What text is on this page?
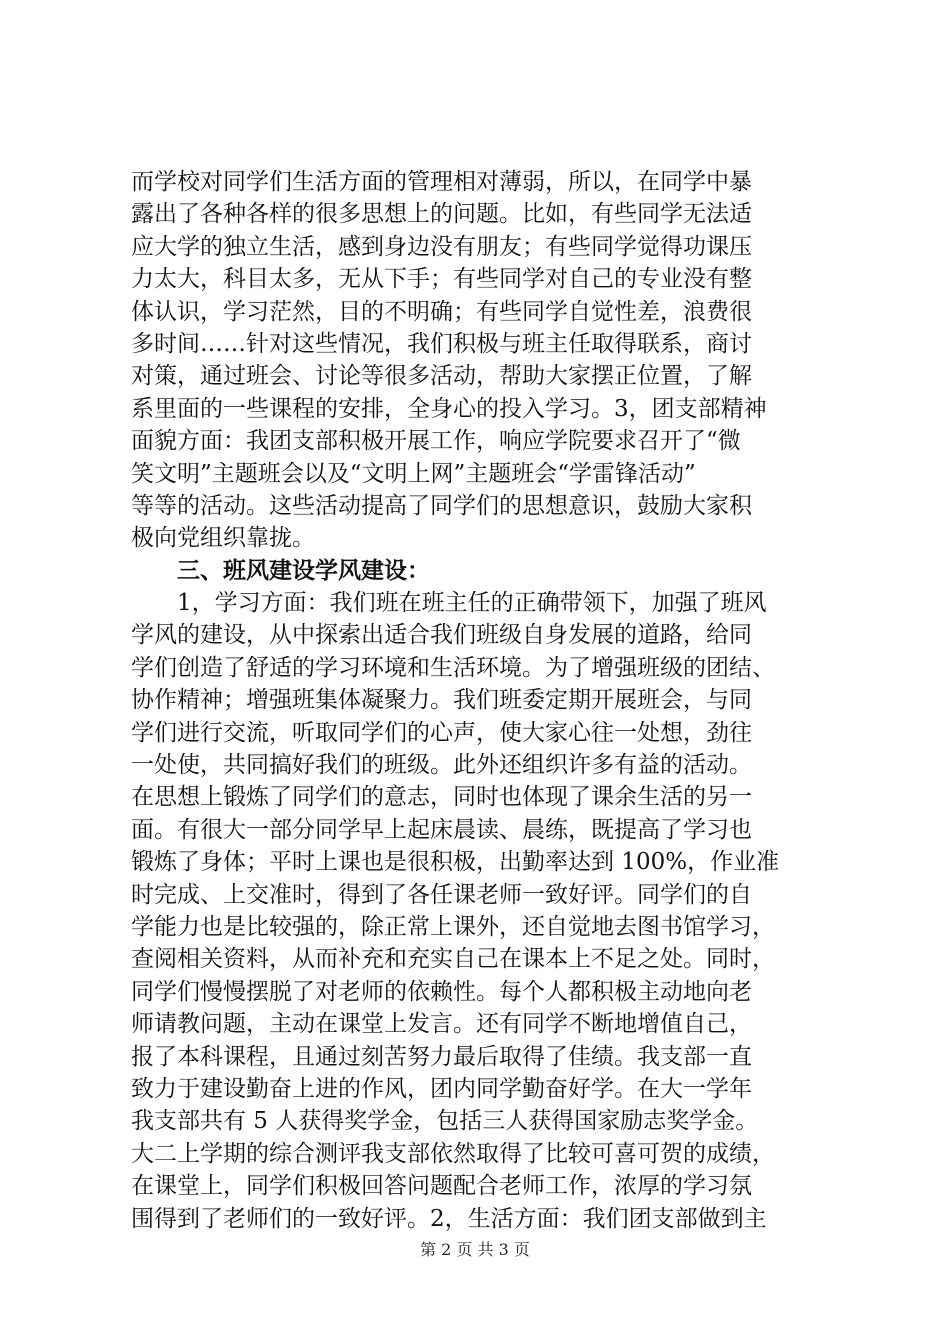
而学校对同学们生活方面的管理相对薄弱，所以，在同学中暴
露出了各种各样的很多思想上的问题。比如，有些同学无法适
应大学的独立生活，感到身边没有朋友；有些同学觉得功课压
力太大，科目太多，无从下手；有些同学对自己的专业没有整
体认识，学习茫然，目的不明确；有些同学自觉性差，浪费很
多时间……针对这些情况，我们积极与班主任取得联系，商讨
对策，通过班会、讨论等很多活动，帮助大家摆正位置，了解
系里面的一些课程的安排，全身心的投入学习。3，团支部精神
面貌方面：我团支部积极开展工作，响应学院要求召开了“微
笑文明”主题班会以及“文明上网”主题班会“学雷锋活动”
等等的活动。这些活动提高了同学们的思想意识，鼓励大家积
极向党组织靠拢。
三、班风建设学风建设：
1，学习方面：我们班在班主任的正确带领下，加强了班风
学风的建设，从中探索出适合我们班级自身发展的道路，给同
学们创造了舒适的学习环境和生活环境。为了增强班级的团结、
协作精神；增强班集体凝聚力。我们班委定期开展班会，与同
学们进行交流，听取同学们的心声，使大家心往一处想，劲往
一处使，共同搞好我们的班级。此外还组织许多有益的活动。
在思想上锻炼了同学们的意志，同时也体现了课余生活的另一
面。有很大一部分同学早上起床晨读、晨练，既提高了学习也
锻炼了身体；平时上课也是很积极，出勤率达到 100%，作业准
时完成、上交准时，得到了各任课老师一致好评。同学们的自
学能力也是比较强的，除正常上课外，还自觉地去图书馆学习，
查阅相关资料，从而补充和充实自己在课本上不足之处。同时，
同学们慢慢摆脱了对老师的依赖性。每个人都积极主动地向老
师请教问题，主动在课堂上发言。还有同学不断地增值自己，
报了本科课程，且通过刻苦努力最后取得了佳绩。我支部一直
致力于建设勤奋上进的作风，团内同学勤奋好学。在大一学年
我支部共有 5 人获得奖学金，包括三人获得国家励志奖学金。
大二上学期的综合测评我支部依然取得了比较可喜可贺的成绩，
在课堂上，同学们积极回答问题配合老师工作，浓厚的学习氛
围得到了老师们的一致好评。2，生活方面：我们团支部做到主
第 2 页 共 3 页
